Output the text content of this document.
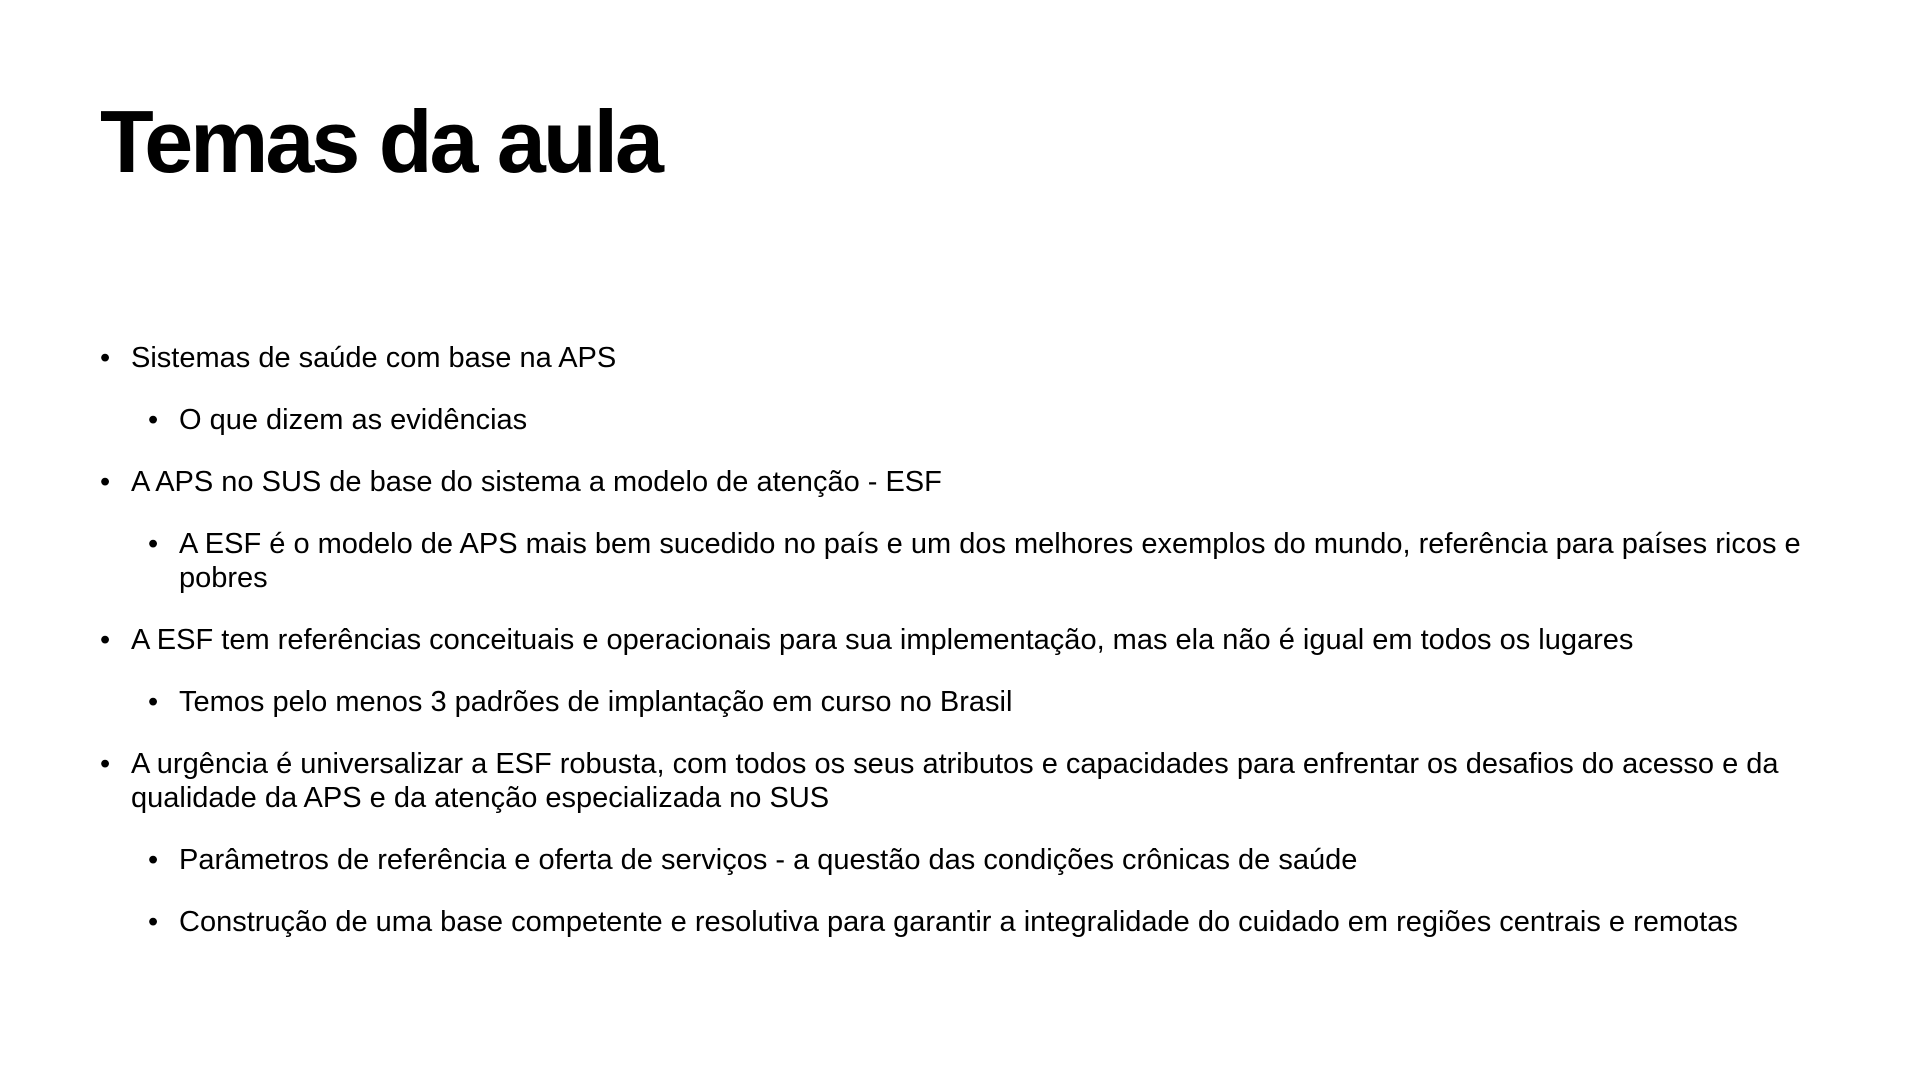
Temas da aula
• Sistemas de saúde com base na APS
• O que dizem as evidências
• A APS no SUS de base do sistema a modelo de atenção - ESF
• A ESF é o modelo de APS mais bem sucedido no país e um dos melhores exemplos do mundo, referência para países ricos e pobres
• A ESF tem referências conceituais e operacionais para sua implementação, mas ela não é igual em todos os lugares
• Temos pelo menos 3 padrões de implantação em curso no Brasil
• A urgência é universalizar a ESF robusta, com todos os seus atributos e capacidades para enfrentar os desafios do acesso e da qualidade da APS e da atenção especializada no SUS
• Parâmetros de referência e oferta de serviços - a questão das condições crônicas de saúde
• Construção de uma base competente e resolutiva para garantir a integralidade do cuidado em regiões centrais e remotas
